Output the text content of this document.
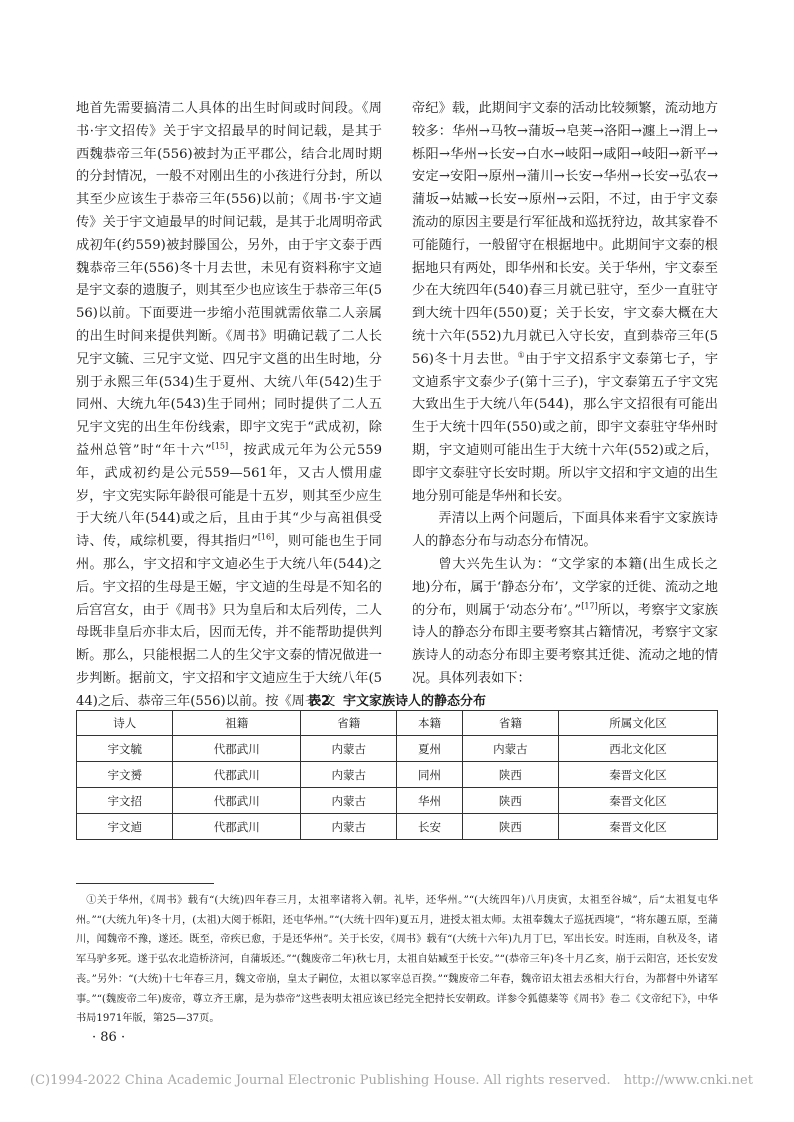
地首先需要搞清二人具体的出生时间或时间段。《周书·宇文招传》关于宇文招最早的时间记载，是其于西魏恭帝三年(556)被封为正平郡公，结合北周时期的分封情况，一般不对刚出生的小孩进行分封，所以其至少应该生于恭帝三年(556)以前；《周书·宇文逌传》关于宇文逌最早的时间记载，是其于北周明帝武成初年(约559)被封滕国公，另外，由于宇文泰于西魏恭帝三年(556)冬十月去世，未见有资料称宇文逌是宇文泰的遗腹子，则其至少也应该生于恭帝三年(556)以前。下面要进一步缩小范围就需依靠二人亲属的出生时间来提供判断。《周书》明确记载了二人长兄宇文毓、三兄宇文觉、四兄宇文邕的出生时地，分别于永熙三年(534)生于夏州、大统八年(542)生于同州、大统九年(543)生于同州；同时提供了二人五兄宇文宪的出生年份线索，即宇文宪于“武成初，除益州总管”时“年十六”[15]，按武成元年为公元559年，武成初约是公元559—561年，又古人惯用虚岁，宇文宪实际年龄很可能是十五岁，则其至少应生于大统八年(544)或之后，且由于其“少与高祖俱受诗、传，咸综机要，得其指归”[16]，则可能也生于同州。那么，宇文招和宇文逌必生于大统八年(544)之后。宇文招的生母是王姬，宇文逌的生母是不知名的后宫宫女，由于《周书》只为皇后和太后列传，二人母既非皇后亦非太后，因而无传，并不能帮助提供判断。那么，只能根据二人的生父宇文泰的情况做进一步判断。据前文，宇文招和宇文逌应生于大统八年(544)之后、恭帝三年(556)以前。按《周书·文

帝纪》载，此期间宇文泰的活动比较频繁，流动地方较多：华州→马牧→蒲坂→皂荚→洛阳→瀍上→渭上→栎阳→华州→长安→白水→岐阳→咸阳→岐阳→新平→安定→安阳→原州→蒲川→长安→华州→长安→弘农→蒲坂→姑臧→长安→原州→云阳，不过，由于宇文泰流动的原因主要是行军征战和巡抚狩边，故其家眷不可能随行，一般留守在根据地中。此期间宇文泰的根据地只有两处，即华州和长安。关于华州，宇文泰至少在大统四年(540)春三月就已驻守，至少一直驻守到大统十四年(550)夏；关于长安，宇文泰大概在大统十六年(552)九月就已入守长安，直到恭帝三年(556)冬十月去世。①由于宇文招系宇文泰第七子，宇文逌系宇文泰少子(第十三子)，宇文泰第五子宇文宪大致出生于大统八年(544)，那么宇文招很有可能出生于大统十四年(550)或之前，即宇文泰驻守华州时期，宇文逌则可能出生于大统十六年(552)或之后，即宇文泰驻守长安时期。所以宇文招和宇文逌的出生地分别可能是华州和长安。

弄清以上两个问题后，下面具体来看宇文家族诗人的静态分布与动态分布情况。

曾大兴先生认为：“文学家的本籍(出生成长之地)分布，属于‘静态分布’，文学家的迁徙、流动之地的分布，则属于‘动态分布’。”[17]所以，考察宇文家族诗人的静态分布即主要考察其占籍情况，考察宇文家族诗人的动态分布即主要考察其迁徙、流动之地的情况。具体列表如下：

表2　宇文家族诗人的静态分布
诗人	祖籍	省籍	本籍	省籍	所属文化区
宇文毓	代郡武川	内蒙古	夏州	内蒙古	西北文化区
宇文赟	代郡武川	内蒙古	同州	陕西	秦晋文化区
宇文招	代郡武川	内蒙古	华州	陕西	秦晋文化区
宇文逌	代郡武川	内蒙古	长安	陕西	秦晋文化区
①关于华州，《周书》载有“(大统)四年春三月，太祖率诸将入朝。礼毕，还华州。”“(大统四年)八月庚寅，太祖至谷城”，后“太祖复屯华州。”“(大统九年)冬十月，(太祖)大阅于栎阳，还屯华州。”“(大统十四年)夏五月，进授太祖太师。太祖奉魏太子巡抚西境”，“将东趣五原，至蒲川，闻魏帝不豫，遂还。既至，帝疾已愈，于是还华州”。关于长安，《周书》载有“(大统十六年)九月丁巳，军出长安。时连雨，自秋及冬，诸军马驴多死。遂于弘农北造桥济河，自蒲坂还。”“(魏废帝二年)秋七月，太祖自姑臧至于长安。”“(恭帝三年)冬十月乙亥，崩于云阳宫，还长安发丧。”另外：“(大统)十七年春三月，魏文帝崩，皇太子嗣位，太祖以冢宰总百揆。”“魏废帝二年春，魏帝诏太祖去丞相大行台，为都督中外诸军事。”“(魏废帝二年)废帝，尊立齐王廓，是为恭帝”这些表明太祖应该已经完全把持长安朝政。详参令狐德棻等《周书》卷二《文帝纪下》，中华书局1971年版，第25—37页。
· 86 ·
(C)1994-2022 China Academic Journal Electronic Publishing House. All rights reserved.　http://www.cnki.net
